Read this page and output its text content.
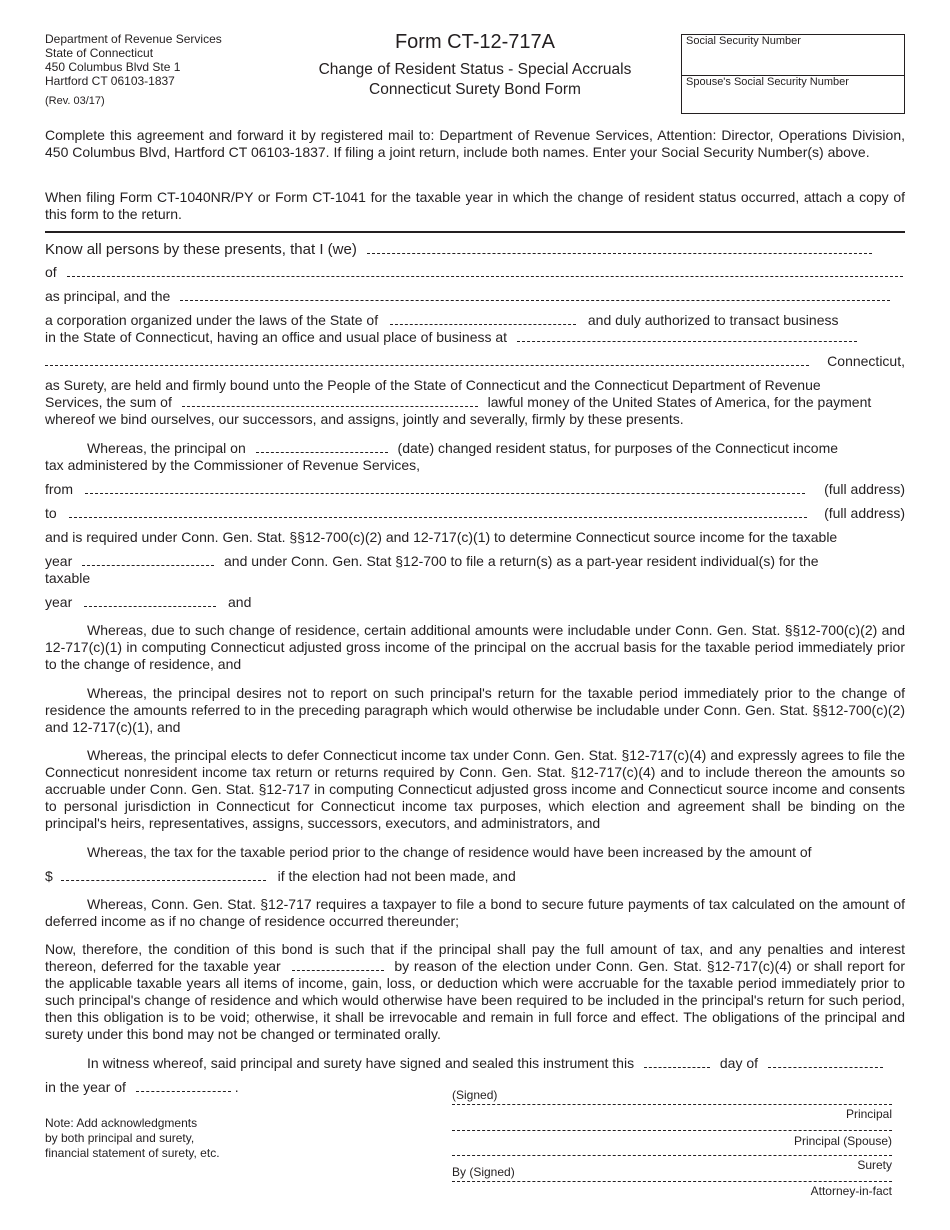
Department of Revenue Services
State of Connecticut
450 Columbus Blvd Ste 1
Hartford CT 06103-1837
(Rev. 03/17)
Form CT-12-717A
Change of Resident Status - Special Accruals
Connecticut Surety Bond Form
Social Security Number
Spouse's Social Security Number
Complete this agreement and forward it by registered mail to: Department of Revenue Services, Attention: Director, Operations Division, 450 Columbus Blvd, Hartford CT 06103-1837. If filing a joint return, include both names. Enter your Social Security Number(s) above.
When filing Form CT-1040NR/PY or Form CT-1041 for the taxable year in which the change of resident status occurred, attach a copy of this form to the return.
Know all persons by these presents, that I (we)
of
as principal, and the
a corporation organized under the laws of the State of	and duly authorized to transact business
in the State of Connecticut, having an office and usual place of business at
Connecticut,
as Surety, are held and firmly bound unto the People of the State of Connecticut and the Connecticut Department of Revenue
Services, the sum of	lawful money of the United States of America, for the payment
whereof we bind ourselves, our successors, and assigns, jointly and severally, firmly by these presents.
Whereas, the principal on	(date) changed resident status, for purposes of the Connecticut income
tax administered by the Commissioner of Revenue Services,
from	(full address)
to	(full address)
and is required under Conn. Gen. Stat. §§12-700(c)(2) and 12-717(c)(1) to determine Connecticut source income for the taxable
year	and under Conn. Gen. Stat §12-700 to file a return(s) as a part-year resident individual(s) for the
taxable
year	and
Whereas, due to such change of residence, certain additional amounts were includable under Conn. Gen. Stat. §§12-700(c)(2) and 12-717(c)(1) in computing Connecticut adjusted gross income of the principal on the accrual basis for the taxable period immediately prior to the change of residence, and
Whereas, the principal desires not to report on such principal's return for the taxable period immediately prior to the change of residence the amounts referred to in the preceding paragraph which would otherwise be includable under Conn. Gen. Stat. §§12-700(c)(2) and 12-717(c)(1), and
Whereas, the principal elects to defer Connecticut income tax under Conn. Gen. Stat. §12-717(c)(4) and expressly agrees to file the Connecticut nonresident income tax return or returns required by Conn. Gen. Stat. §12-717(c)(4) and to include thereon the amounts so accruable under Conn. Gen. Stat. §12-717 in computing Connecticut adjusted gross income and Connecticut source income and consents to personal jurisdiction in Connecticut for Connecticut income tax purposes, which election and agreement shall be binding on the principal's heirs, representatives, assigns, successors, executors, and administrators, and
Whereas, the tax for the taxable period prior to the change of residence would have been increased by the amount of
$	if the election had not been made, and
Whereas, Conn. Gen. Stat. §12-717 requires a taxpayer to file a bond to secure future payments of tax calculated on the amount of deferred income as if no change of residence occurred thereunder;
Now, therefore, the condition of this bond is such that if the principal shall pay the full amount of tax, and any penalties and interest thereon, deferred for the taxable year	by reason of the election under Conn. Gen. Stat. §12-717(c)(4) or shall report for the applicable taxable years all items of income, gain, loss, or deduction which were accruable for the taxable period immediately prior to such principal's change of residence and which would otherwise have been required to be included in the principal's return for such period, then this obligation is to be void; otherwise, it shall be irrevocable and remain in full force and effect. The obligations of the principal and surety under this bond may not be changed or terminated orally.
In witness whereof, said principal and surety have signed and sealed this instrument this	day of
in the year of	.
Note: Add acknowledgments
by both principal and surety,
financial statement of surety, etc.
(Signed)
Principal
Principal (Spouse)
Surety
By (Signed)
Attorney-in-fact
